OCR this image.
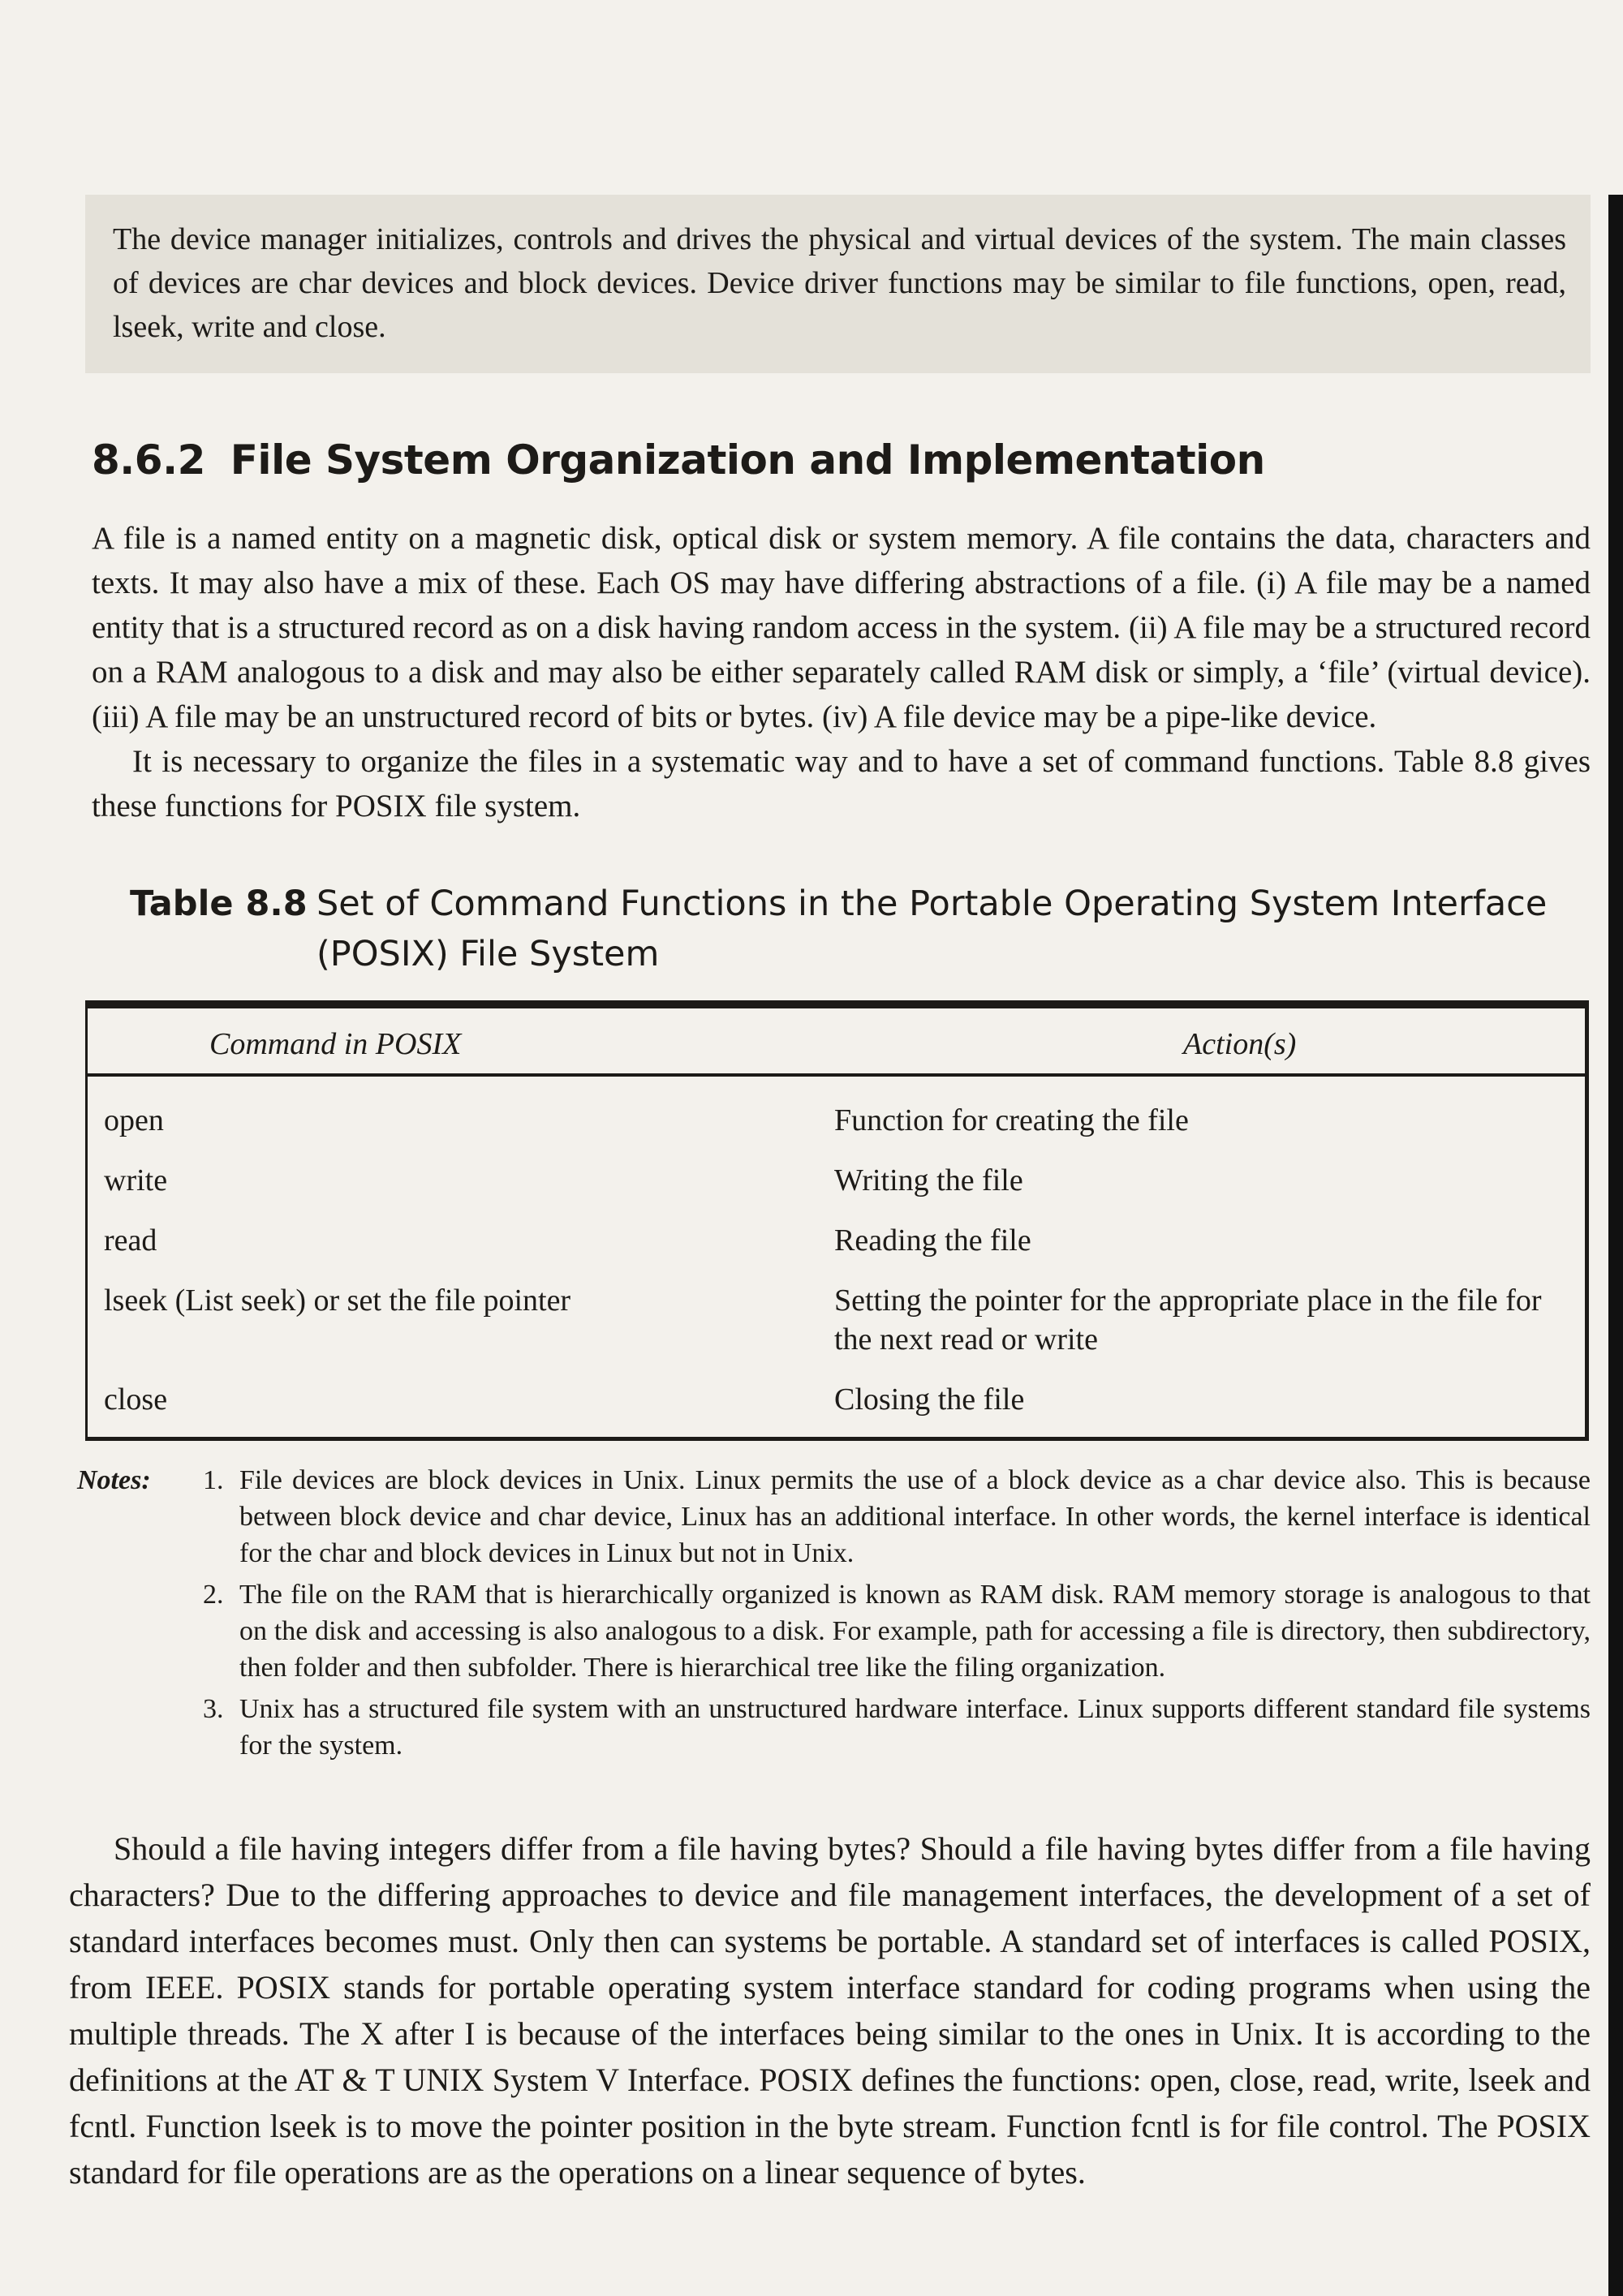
The device manager initializes, controls and drives the physical and virtual devices of the system. The main classes of devices are char devices and block devices. Device driver functions may be similar to file functions, open, read, lseek, write and close.

8.6.2 File System Organization and Implementation

A file is a named entity on a magnetic disk, optical disk or system memory. A file contains the data, characters and texts. It may also have a mix of these. Each OS may have differing abstractions of a file. (i) A file may be a named entity that is a structured record as on a disk having random access in the system. (ii) A file may be a structured record on a RAM analogous to a disk and may also be either separately called RAM disk or simply, a ‘file’ (virtual device). (iii) A file may be an unstructured record of bits or bytes. (iv) A file device may be a pipe-like device.

It is necessary to organize the files in a systematic way and to have a set of command functions. Table 8.8 gives these functions for POSIX file system.

Table 8.8 Set of Command Functions in the Portable Operating System Interface (POSIX) File System
Command in POSIX	Action(s)
open	Function for creating the file
write	Writing the file
read	Reading the file
lseek (List seek) or set the file pointer	Setting the pointer for the appropriate place in the file for the next read or write
close	Closing the file
Notes:	1. File devices are block devices in Unix. Linux permits the use of a block device as a char device also. This is because between block device and char device, Linux has an additional interface. In other words, the kernel interface is identical for the char and block devices in Linux but not in Unix.
2. The file on the RAM that is hierarchically organized is known as RAM disk. RAM memory storage is analogous to that on the disk and accessing is also analogous to a disk. For example, path for accessing a file is directory, then subdirectory, then folder and then subfolder. There is hierarchical tree like the filing organization.
3. Unix has a structured file system with an unstructured hardware interface. Linux supports different standard file systems for the system.

Should a file having integers differ from a file having bytes? Should a file having bytes differ from a file having characters? Due to the differing approaches to device and file management interfaces, the development of a set of standard interfaces becomes must. Only then can systems be portable. A standard set of interfaces is called POSIX, from IEEE. POSIX stands for portable operating system interface standard for coding programs when using the multiple threads. The X after I is because of the interfaces being similar to the ones in Unix. It is according to the definitions at the AT & T UNIX System V Interface. POSIX defines the functions: open, close, read, write, lseek and fcntl. Function lseek is to move the pointer position in the byte stream. Function fcntl is for file control. The POSIX standard for file operations are as the operations on a linear sequence of bytes.
